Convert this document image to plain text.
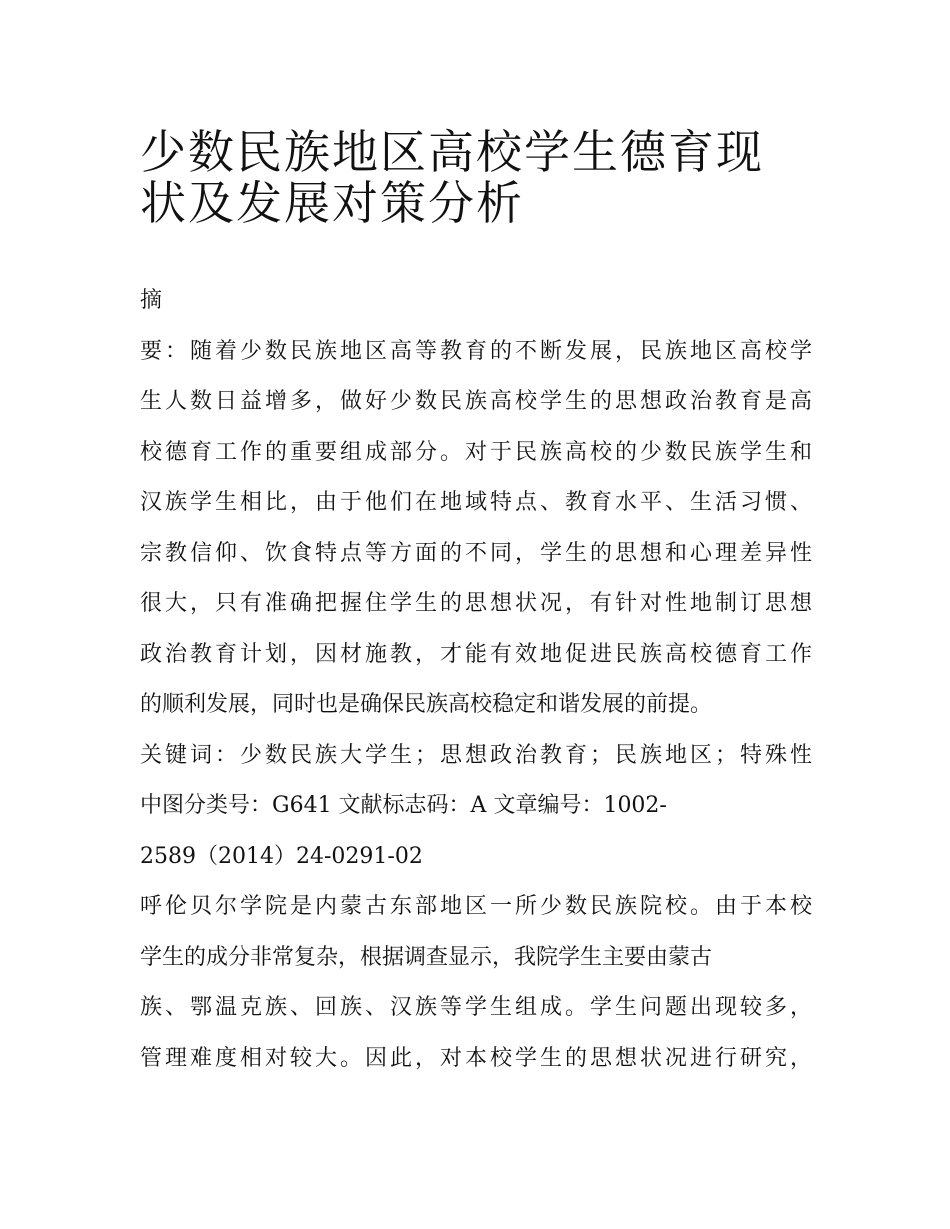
少数民族地区高校学生德育现
状及发展对策分析
摘
要：随着少数民族地区高等教育的不断发展，民族地区高校学
生人数日益增多，做好少数民族高校学生的思想政治教育是高
校德育工作的重要组成部分。对于民族高校的少数民族学生和
汉族学生相比，由于他们在地域特点、教育水平、生活习惯、
宗教信仰、饮食特点等方面的不同，学生的思想和心理差异性
很大，只有准确把握住学生的思想状况，有针对性地制订思想
政治教育计划，因材施教，才能有效地促进民族高校德育工作
的顺利发展，同时也是确保民族高校稳定和谐发展的前提。
关键词：少数民族大学生；思想政治教育；民族地区；特殊性
中图分类号：G641 文献标志码：A 文章编号：1002-
2589（2014）24-0291-02
呼伦贝尔学院是内蒙古东部地区一所少数民族院校。由于本校
学生的成分非常复杂，根据调查显示，我院学生主要由蒙古
族、鄂温克族、回族、汉族等学生组成。学生问题出现较多，
管理难度相对较大。因此，对本校学生的思想状况进行研究，
